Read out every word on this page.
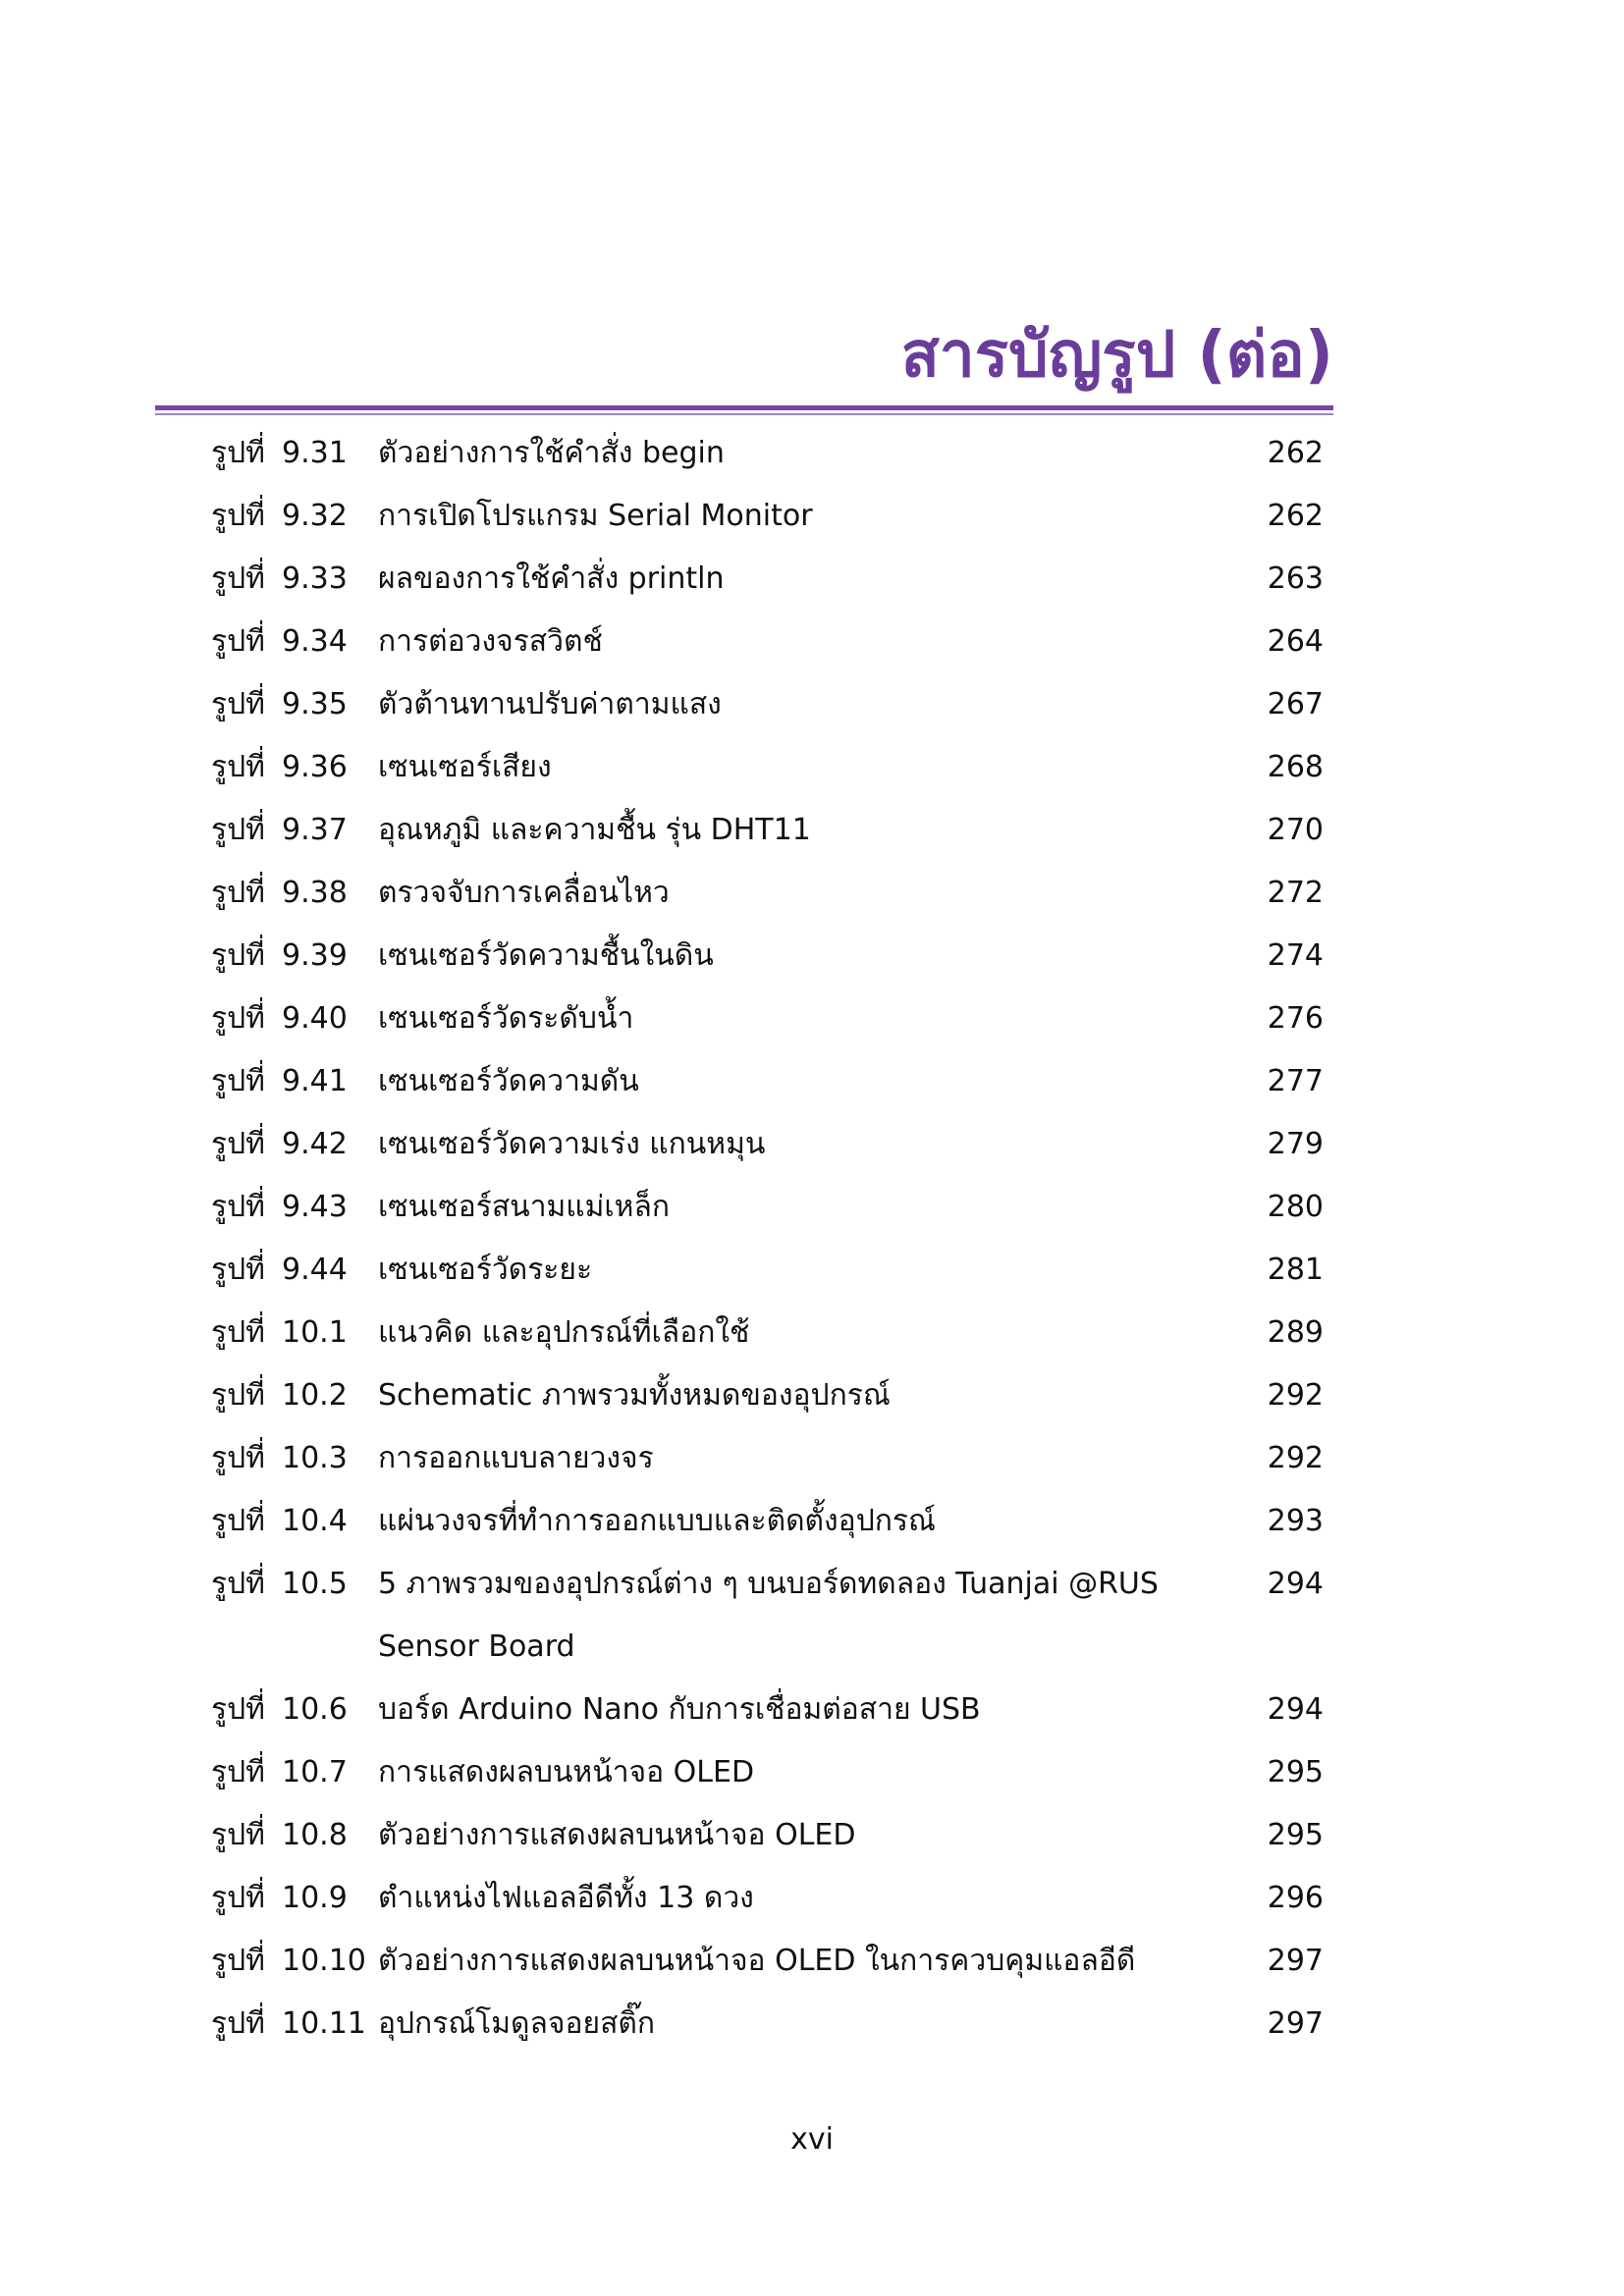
สารบัญรูป (ต่อ)
รูปที่ 9.31 ตัวอย่างการใช้คำสั่ง begin	262
รูปที่ 9.32 การเปิดโปรแกรม Serial Monitor	262
รูปที่ 9.33 ผลของการใช้คำสั่ง println	263
รูปที่ 9.34 การต่อวงจรสวิตช์	264
รูปที่ 9.35 ตัวต้านทานปรับค่าตามแสง	267
รูปที่ 9.36 เซนเซอร์เสียง	268
รูปที่ 9.37 อุณหภูมิ และความชื้น รุ่น DHT11	270
รูปที่ 9.38 ตรวจจับการเคลื่อนไหว	272
รูปที่ 9.39 เซนเซอร์วัดความชื้นในดิน	274
รูปที่ 9.40 เซนเซอร์วัดระดับน้ำ	276
รูปที่ 9.41 เซนเซอร์วัดความดัน	277
รูปที่ 9.42 เซนเซอร์วัดความเร่ง แกนหมุน	279
รูปที่ 9.43 เซนเซอร์สนามแม่เหล็ก	280
รูปที่ 9.44 เซนเซอร์วัดระยะ	281
รูปที่ 10.1 แนวคิด และอุปกรณ์ที่เลือกใช้	289
รูปที่ 10.2 Schematic ภาพรวมทั้งหมดของอุปกรณ์	292
รูปที่ 10.3 การออกแบบลายวงจร	292
รูปที่ 10.4 แผ่นวงจรที่ทำการออกแบบและติดตั้งอุปกรณ์	293
รูปที่ 10.5 5 ภาพรวมของอุปกรณ์ต่าง ๆ บนบอร์ดทดลอง Tuanjai @RUS	294
Sensor Board
รูปที่ 10.6 บอร์ด Arduino Nano กับการเชื่อมต่อสาย USB	294
รูปที่ 10.7 การแสดงผลบนหน้าจอ OLED	295
รูปที่ 10.8 ตัวอย่างการแสดงผลบนหน้าจอ OLED	295
รูปที่ 10.9 ตำแหน่งไฟแอลอีดีทั้ง 13 ดวง	296
รูปที่ 10.10 ตัวอย่างการแสดงผลบนหน้าจอ OLED ในการควบคุมแอลอีดี	297
รูปที่ 10.11 อุปกรณ์โมดูลจอยสติ๊ก	297
xvi
